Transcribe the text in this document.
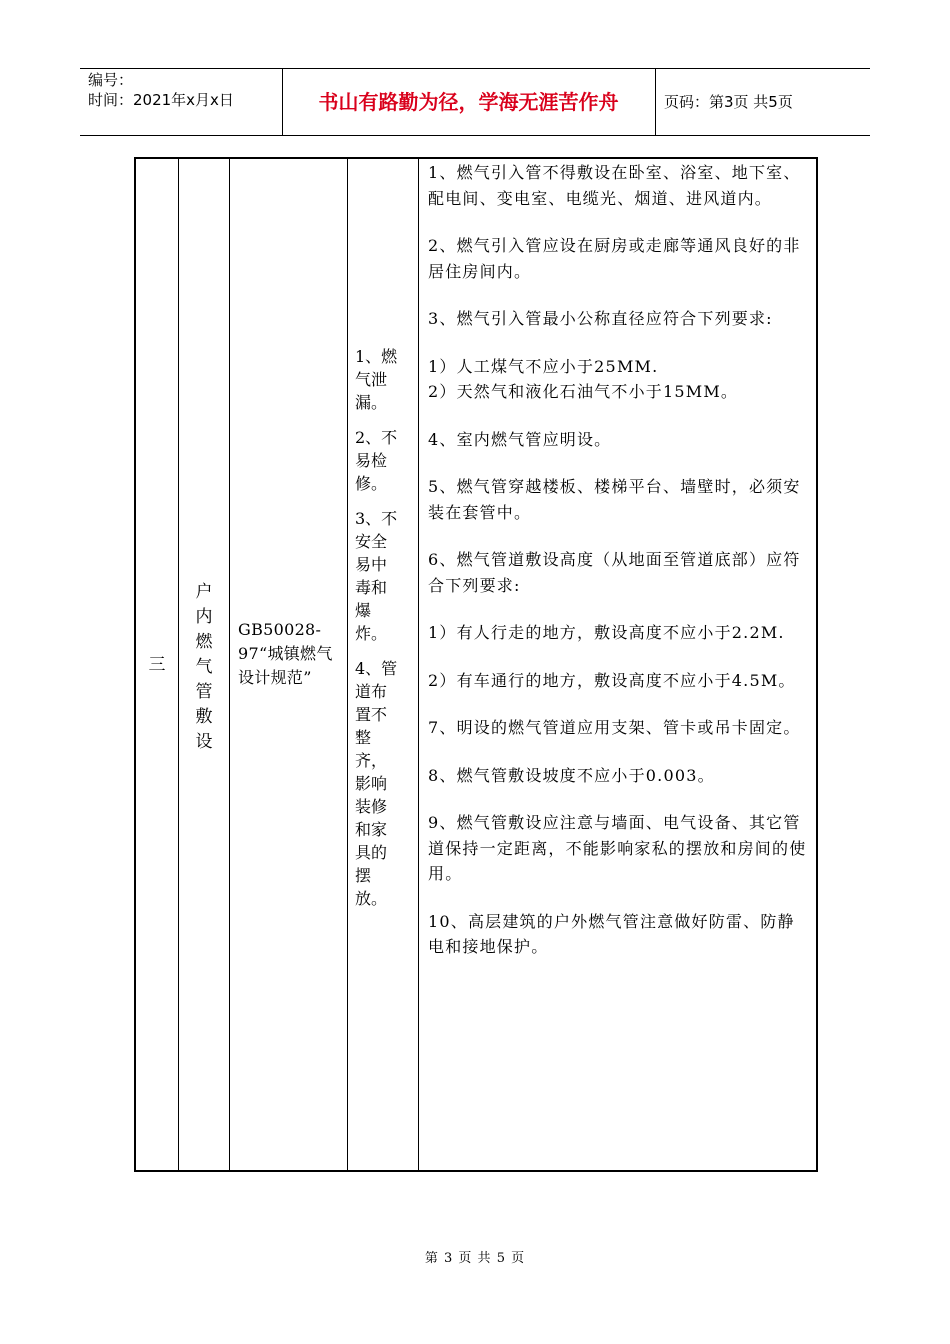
编号：
时间：2021年x月x日	书山有路勤为径，学海无涯苦作舟	页码：第3页 共5页
三
户
内
燃
气
管
敷
设
GB50028-97“城镇燃气设计规范”
1、燃
气泄
漏。
2、不
易检
修。
3、不
安全
易中
毒和
爆
炸。
4、管
道布
置不
整
齐，
影响
装修
和家
具的
摆
放。
1、燃气引入管不得敷设在卧室、浴室、地下室、配电间、变电室、电缆光、烟道、进风道内。
2、燃气引入管应设在厨房或走廊等通风良好的非居住房间内。
3、燃气引入管最小公称直径应符合下列要求:
1）人工煤气不应小于25MM.
2）天然气和液化石油气不小于15MM。
4、室内燃气管应明设。
5、燃气管穿越楼板、楼梯平台、墙壁时，必须安装在套管中。
6、燃气管道敷设高度（从地面至管道底部）应符合下列要求:
1）有人行走的地方，敷设高度不应小于2.2M.
2）有车通行的地方，敷设高度不应小于4.5M。
7、明设的燃气管道应用支架、管卡或吊卡固定。
8、燃气管敷设坡度不应小于0.003。
9、燃气管敷设应注意与墙面、电气设备、其它管道保持一定距离，不能影响家私的摆放和房间的使用。
10、高层建筑的户外燃气管注意做好防雷、防静电和接地保护。
第 3 页 共 5 页
